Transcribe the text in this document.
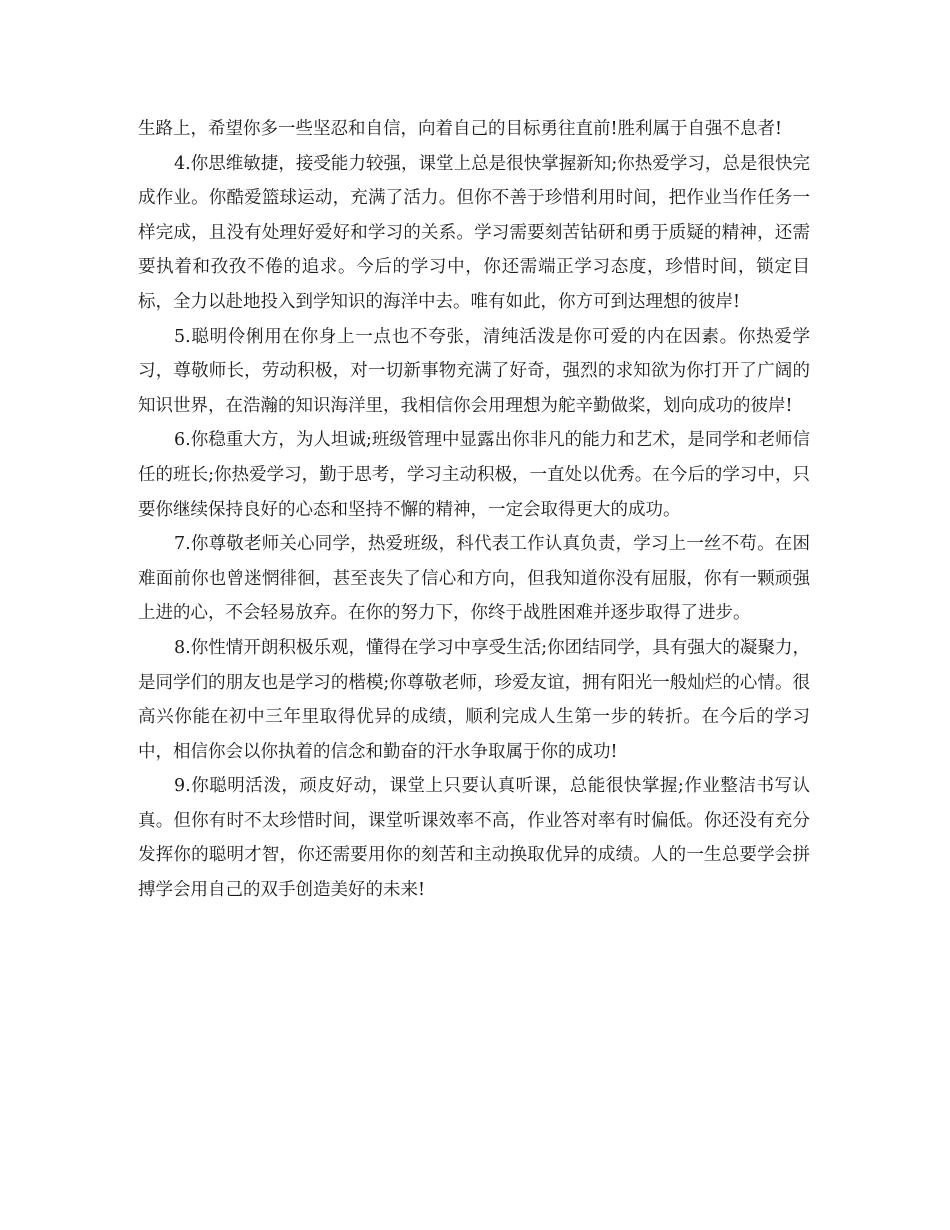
生路上，希望你多一些坚忍和自信，向着自己的目标勇往直前!胜利属于自强不息者!

4.你思维敏捷，接受能力较强，课堂上总是很快掌握新知;你热爱学习，总是很快完成作业。你酷爱篮球运动，充满了活力。但你不善于珍惜利用时间，把作业当作任务一样完成，且没有处理好爱好和学习的关系。学习需要刻苦钻研和勇于质疑的精神，还需要执着和孜孜不倦的追求。今后的学习中，你还需端正学习态度，珍惜时间，锁定目标，全力以赴地投入到学知识的海洋中去。唯有如此，你方可到达理想的彼岸!

5.聪明伶俐用在你身上一点也不夸张，清纯活泼是你可爱的内在因素。你热爱学习，尊敬师长，劳动积极，对一切新事物充满了好奇，强烈的求知欲为你打开了广阔的知识世界，在浩瀚的知识海洋里，我相信你会用理想为舵辛勤做桨，划向成功的彼岸!

6.你稳重大方，为人坦诚;班级管理中显露出你非凡的能力和艺术，是同学和老师信任的班长;你热爱学习，勤于思考，学习主动积极，一直处以优秀。在今后的学习中，只要你继续保持良好的心态和坚持不懈的精神，一定会取得更大的成功。

7.你尊敬老师关心同学，热爱班级，科代表工作认真负责，学习上一丝不苟。在困难面前你也曾迷惘徘徊，甚至丧失了信心和方向，但我知道你没有屈服，你有一颗顽强上进的心，不会轻易放弃。在你的努力下，你终于战胜困难并逐步取得了进步。

8.你性情开朗积极乐观，懂得在学习中享受生活;你团结同学，具有强大的凝聚力，是同学们的朋友也是学习的楷模;你尊敬老师，珍爱友谊，拥有阳光一般灿烂的心情。很高兴你能在初中三年里取得优异的成绩，顺利完成人生第一步的转折。在今后的学习中，相信你会以你执着的信念和勤奋的汗水争取属于你的成功!

9.你聪明活泼，顽皮好动，课堂上只要认真听课，总能很快掌握;作业整洁书写认真。但你有时不太珍惜时间，课堂听课效率不高，作业答对率有时偏低。你还没有充分发挥你的聪明才智，你还需要用你的刻苦和主动换取优异的成绩。人的一生总要学会拼搏学会用自己的双手创造美好的未来!
